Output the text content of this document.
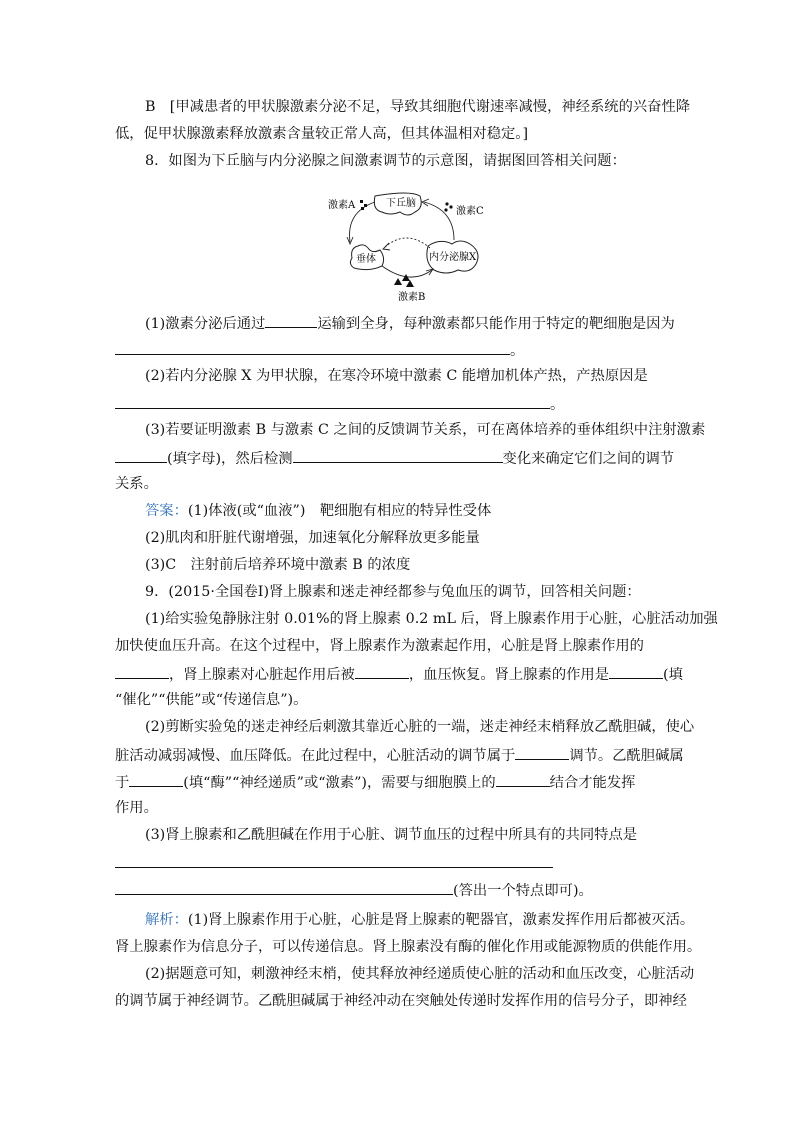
B　[甲减患者的甲状腺激素分泌不足，导致其细胞代谢速率减慢，神经系统的兴奋性降
低，促甲状腺激素释放激素含量较正常人高，但其体温相对稳定。]
8．如图为下丘脑与内分泌腺之间激素调节的示意图，请据图回答相关问题：
下丘脑
垂体	内分泌腺X
激素A
激素B
激素C
(1)激素分泌后通过	运输到全身，每种激素都只能作用于特定的靶细胞是因为
。
(2)若内分泌腺 X 为甲状腺，在寒冷环境中激素 C 能增加机体产热，产热原因是
。
(3)若要证明激素 B 与激素 C 之间的反馈调节关系，可在离体培养的垂体组织中注射激素
(填字母)，然后检测	变化来确定它们之间的调节
关系。
答案：(1)体液(或“血液”)　靶细胞有相应的特异性受体
(2)肌肉和肝脏代谢增强，加速氧化分解释放更多能量
(3)C　注射前后培养环境中激素 B 的浓度
9．(2015·全国卷Ⅰ)肾上腺素和迷走神经都参与兔血压的调节，回答相关问题：
(1)给实验兔静脉注射 0.01%的肾上腺素 0.2 mL 后，肾上腺素作用于心脏，心脏活动加强
加快使血压升高。在这个过程中，肾上腺素作为激素起作用，心脏是肾上腺素作用的
，肾上腺素对心脏起作用后被	，血压恢复。肾上腺素的作用是	(填
“催化”“供能”或“传递信息”)。
(2)剪断实验兔的迷走神经后刺激其靠近心脏的一端，迷走神经末梢释放乙酰胆碱，使心
脏活动减弱减慢、血压降低。在此过程中，心脏活动的调节属于	调节。乙酰胆碱属
于	(填“酶”“神经递质”或“激素”)，需要与细胞膜上的	结合才能发挥
作用。
(3)肾上腺素和乙酰胆碱在作用于心脏、调节血压的过程中所具有的共同特点是
(答出一个特点即可)。
解析：(1)肾上腺素作用于心脏，心脏是肾上腺素的靶器官，激素发挥作用后都被灭活。
肾上腺素作为信息分子，可以传递信息。肾上腺素没有酶的催化作用或能源物质的供能作用。
(2)据题意可知，刺激神经末梢，使其释放神经递质使心脏的活动和血压改变，心脏活动
的调节属于神经调节。乙酰胆碱属于神经冲动在突触处传递时发挥作用的信号分子，即神经
